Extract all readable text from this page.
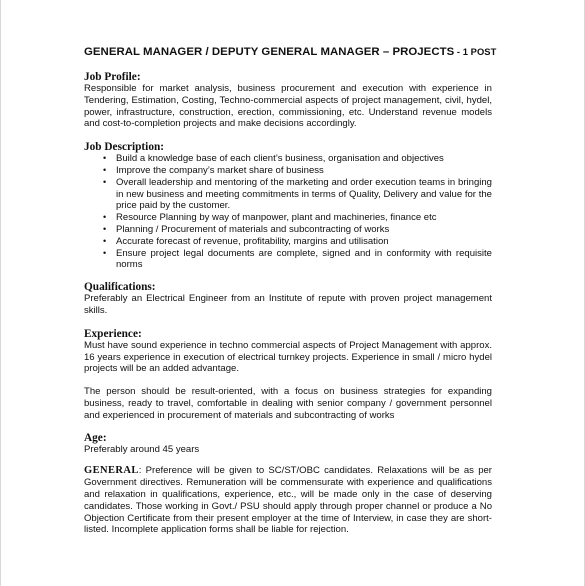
GENERAL MANAGER / DEPUTY GENERAL MANAGER – PROJECTS - 1 POST
Job Profile:

Responsible for market analysis, business procurement and execution with experience in Tendering, Estimation, Costing, Techno-commercial aspects of project management, civil, hydel, power, infrastructure, construction, erection, commissioning, etc. Understand revenue models and cost-to-completion projects and make decisions accordingly.

Job Description:
• Build a knowledge base of each client’s business, organisation and objectives
• Improve the company’s market share of business
• Overall leadership and mentoring of the marketing and order execution teams in bringing in new business and meeting commitments in terms of Quality, Delivery and value for the price paid by the customer.
• Resource Planning by way of manpower, plant and machineries, finance etc
• Planning / Procurement of materials and subcontracting of works
• Accurate forecast of revenue, profitability, margins and utilisation
• Ensure project legal documents are complete, signed and in conformity with requisite norms
Qualifications:

Preferably an Electrical Engineer from an Institute of repute with proven project management skills.

Experience:

Must have sound experience in techno commercial aspects of Project Management with approx. 16 years experience in execution of electrical turnkey projects. Experience in small / micro hydel projects will be an added advantage.

The person should be result-oriented, with a focus on business strategies for expanding business, ready to travel, comfortable in dealing with senior company / government personnel and experienced in procurement of materials and subcontracting of works

Age:

Preferably around 45 years

GENERAL: Preference will be given to SC/ST/OBC candidates. Relaxations will be as per Government directives. Remuneration will be commensurate with experience and qualifications and relaxation in qualifications, experience, etc., will be made only in the case of deserving candidates. Those working in Govt./ PSU should apply through proper channel or produce a No Objection Certificate from their present employer at the time of Interview, in case they are short-listed. Incomplete application forms shall be liable for rejection.
